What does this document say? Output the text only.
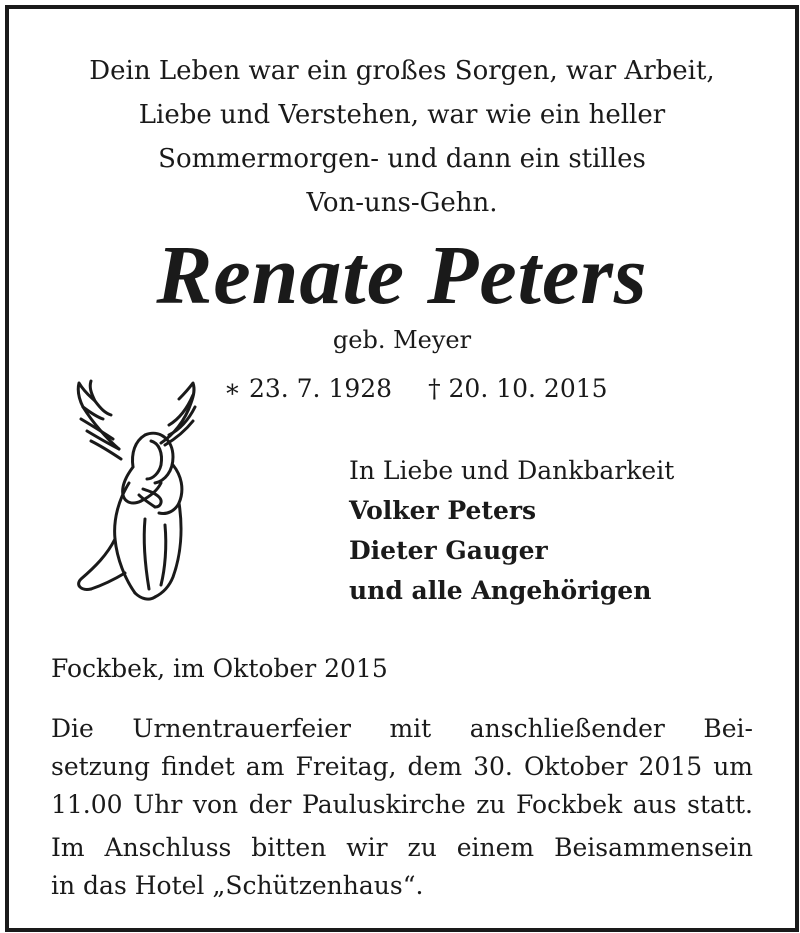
Dein Leben war ein großes Sorgen, war Arbeit,
Liebe und Verstehen, war wie ein heller
Sommermorgen- und dann ein stilles
Von-uns-Gehn.
Renate Peters
geb. Meyer
∗ 23. 7. 1928 † 20. 10. 2015
In Liebe und Dankbarkeit
Volker Peters
Dieter Gauger
und alle Angehörigen
Fockbek, im Oktober 2015
Die Urnentrauerfeier mit anschließender Bei-
setzung findet am Freitag, dem 30. Oktober 2015 um
11.00 Uhr von der Pauluskirche zu Fockbek aus statt.
Im Anschluss bitten wir zu einem Beisammensein
in das Hotel „Schützenhaus“.
